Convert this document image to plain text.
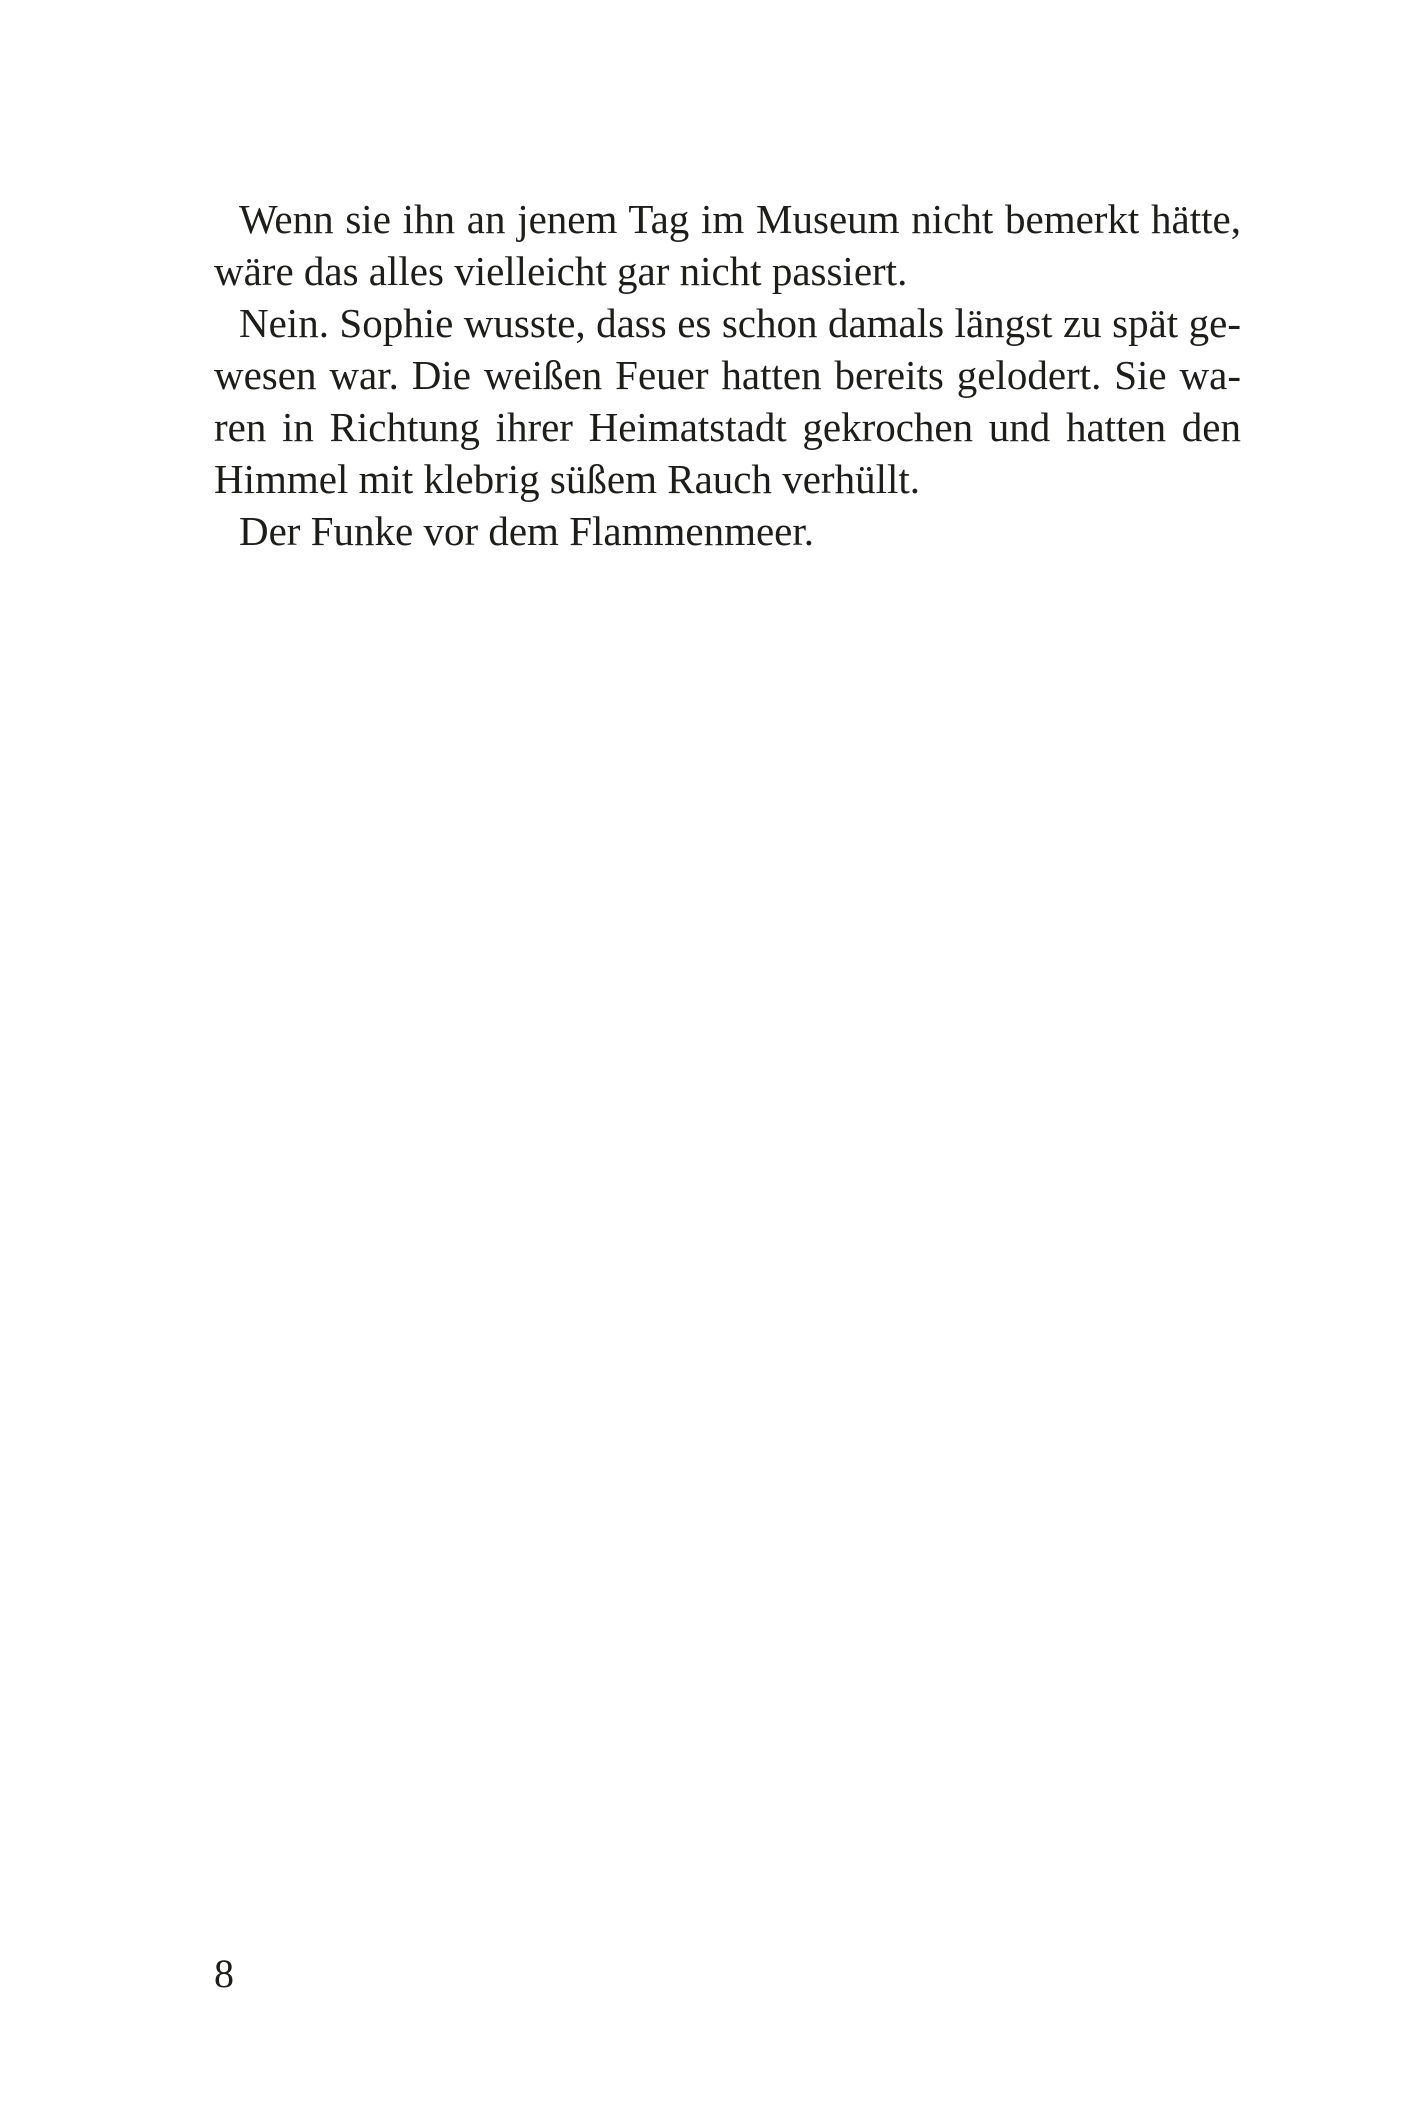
Wenn sie ihn an jenem Tag im Museum nicht bemerkt hätte,

wäre das alles vielleicht gar nicht passiert.

Nein. Sophie wusste, dass es schon damals längst zu spät ge-

wesen war. Die weißen Feuer hatten bereits gelodert. Sie wa-

ren in Richtung ihrer Heimatstadt gekrochen und hatten den

Himmel mit klebrig süßem Rauch verhüllt.

Der Funke vor dem Flammenmeer.

8
